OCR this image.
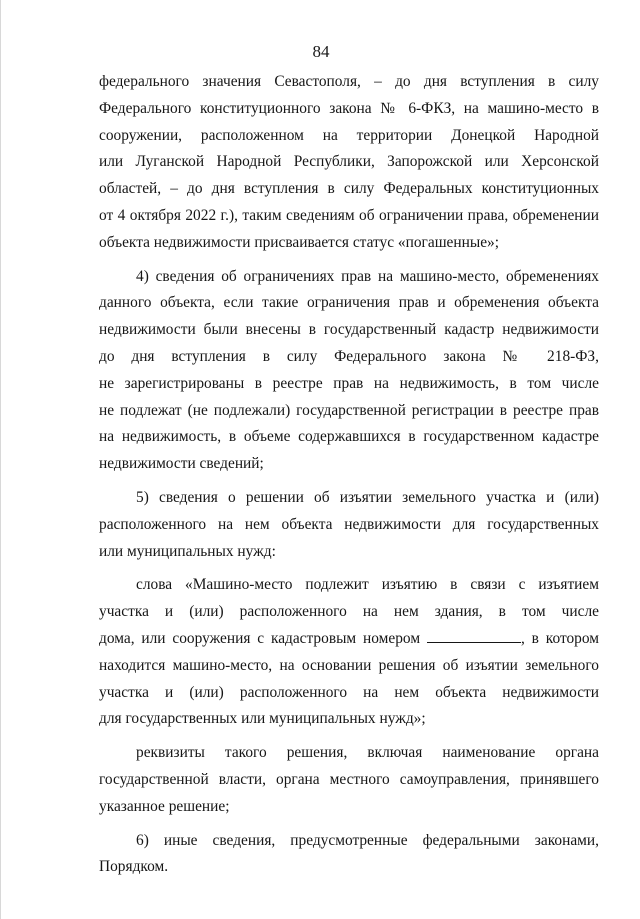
84
федерального значения Севастополя, – до дня вступления в силу
Федерального конституционного закона № 6-ФКЗ, на машино-место в
сооружении, расположенном на территории Донецкой Народной
или Луганской Народной Республики, Запорожской или Херсонской
областей, – до дня вступления в силу Федеральных конституционных
от 4 октября 2022 г.), таким сведениям об ограничении права, обременении
объекта недвижимости присваивается статус «погашенные»;
4) сведения об ограничениях прав на машино-место, обременениях
данного объекта, если такие ограничения прав и обременения объекта
недвижимости были внесены в государственный кадастр недвижимости
до дня вступления в силу Федерального закона № 218-ФЗ,
не зарегистрированы в реестре прав на недвижимость, в том числе
не подлежат (не подлежали) государственной регистрации в реестре прав
на недвижимость, в объеме содержавшихся в государственном кадастре
недвижимости сведений;
5) сведения о решении об изъятии земельного участка и (или)
расположенного на нем объекта недвижимости для государственных
или муниципальных нужд:
слова «Машино-место подлежит изъятию в связи с изъятием
участка и (или) расположенного на нем здания, в том числе
дома, или сооружения с кадастровым номером	, в котором
находится машино-место, на основании решения об изъятии земельного
участка и (или) расположенного на нем объекта недвижимости
для государственных или муниципальных нужд»;
реквизиты такого решения, включая наименование органа
государственной власти, органа местного самоуправления, принявшего
указанное решение;
6) иные сведения, предусмотренные федеральными законами,
Порядком.
